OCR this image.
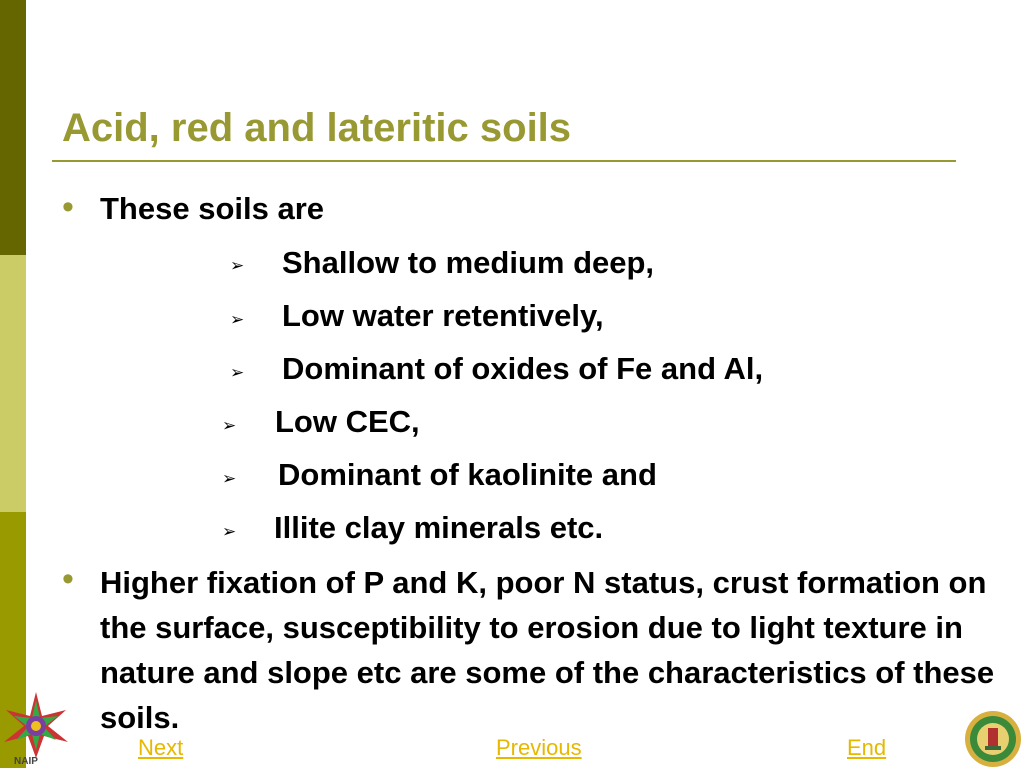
Acid, red and lateritic soils
• These soils are
➢ Shallow to medium deep,
➢ Low water retentively,
➢ Dominant of oxides of Fe and Al,
➢ Low CEC,
➢ Dominant of kaolinite and
➢ Illite clay minerals etc.
• Higher fixation of P and K, poor N status, crust formation on the surface, susceptibility to erosion due to light texture in nature and slope etc are some of the characteristics of these soils.
NAIP
Next	Previous	End
